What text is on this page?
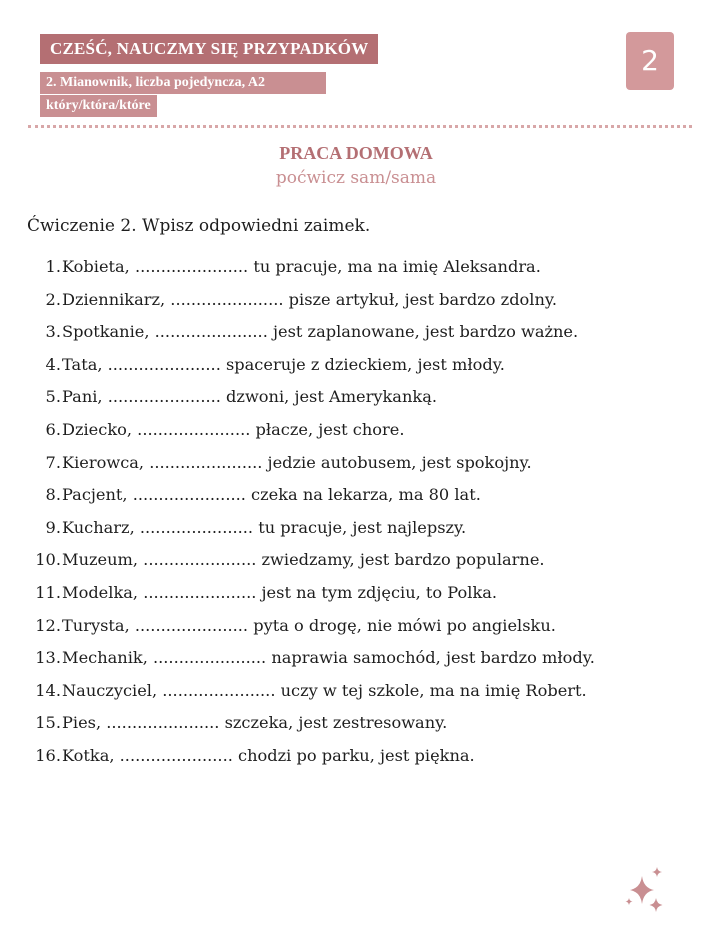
CZEŚĆ, NAUCZMY SIĘ PRZYPADKÓW
2. Mianownik, liczba pojedyncza, A2
który/która/które
2
PRACA DOMOWA
poćwicz sam/sama
Ćwiczenie 2. Wpisz odpowiedni zaimek.
1. Kobieta, ...................... tu pracuje, ma na imię Aleksandra.
2. Dziennikarz, ...................... pisze artykuł, jest bardzo zdolny.
3. Spotkanie, ...................... jest zaplanowane, jest bardzo ważne.
4. Tata, ...................... spaceruje z dzieckiem, jest młody.
5. Pani, ...................... dzwoni, jest Amerykanką.
6. Dziecko, ...................... płacze, jest chore.
7. Kierowca, ...................... jedzie autobusem, jest spokojny.
8. Pacjent, ...................... czeka na lekarza, ma 80 lat.
9. Kucharz, ...................... tu pracuje, jest najlepszy.
10. Muzeum, ...................... zwiedzamy, jest bardzo popularne.
11. Modelka, ...................... jest na tym zdjęciu, to Polka.
12. Turysta, ...................... pyta o drogę, nie mówi po angielsku.
13. Mechanik, ...................... naprawia samochód, jest bardzo młody.
14. Nauczyciel, ...................... uczy w tej szkole, ma na imię Robert.
15. Pies, ...................... szczeka, jest zestresowany.
16. Kotka, ...................... chodzi po parku, jest piękna.
